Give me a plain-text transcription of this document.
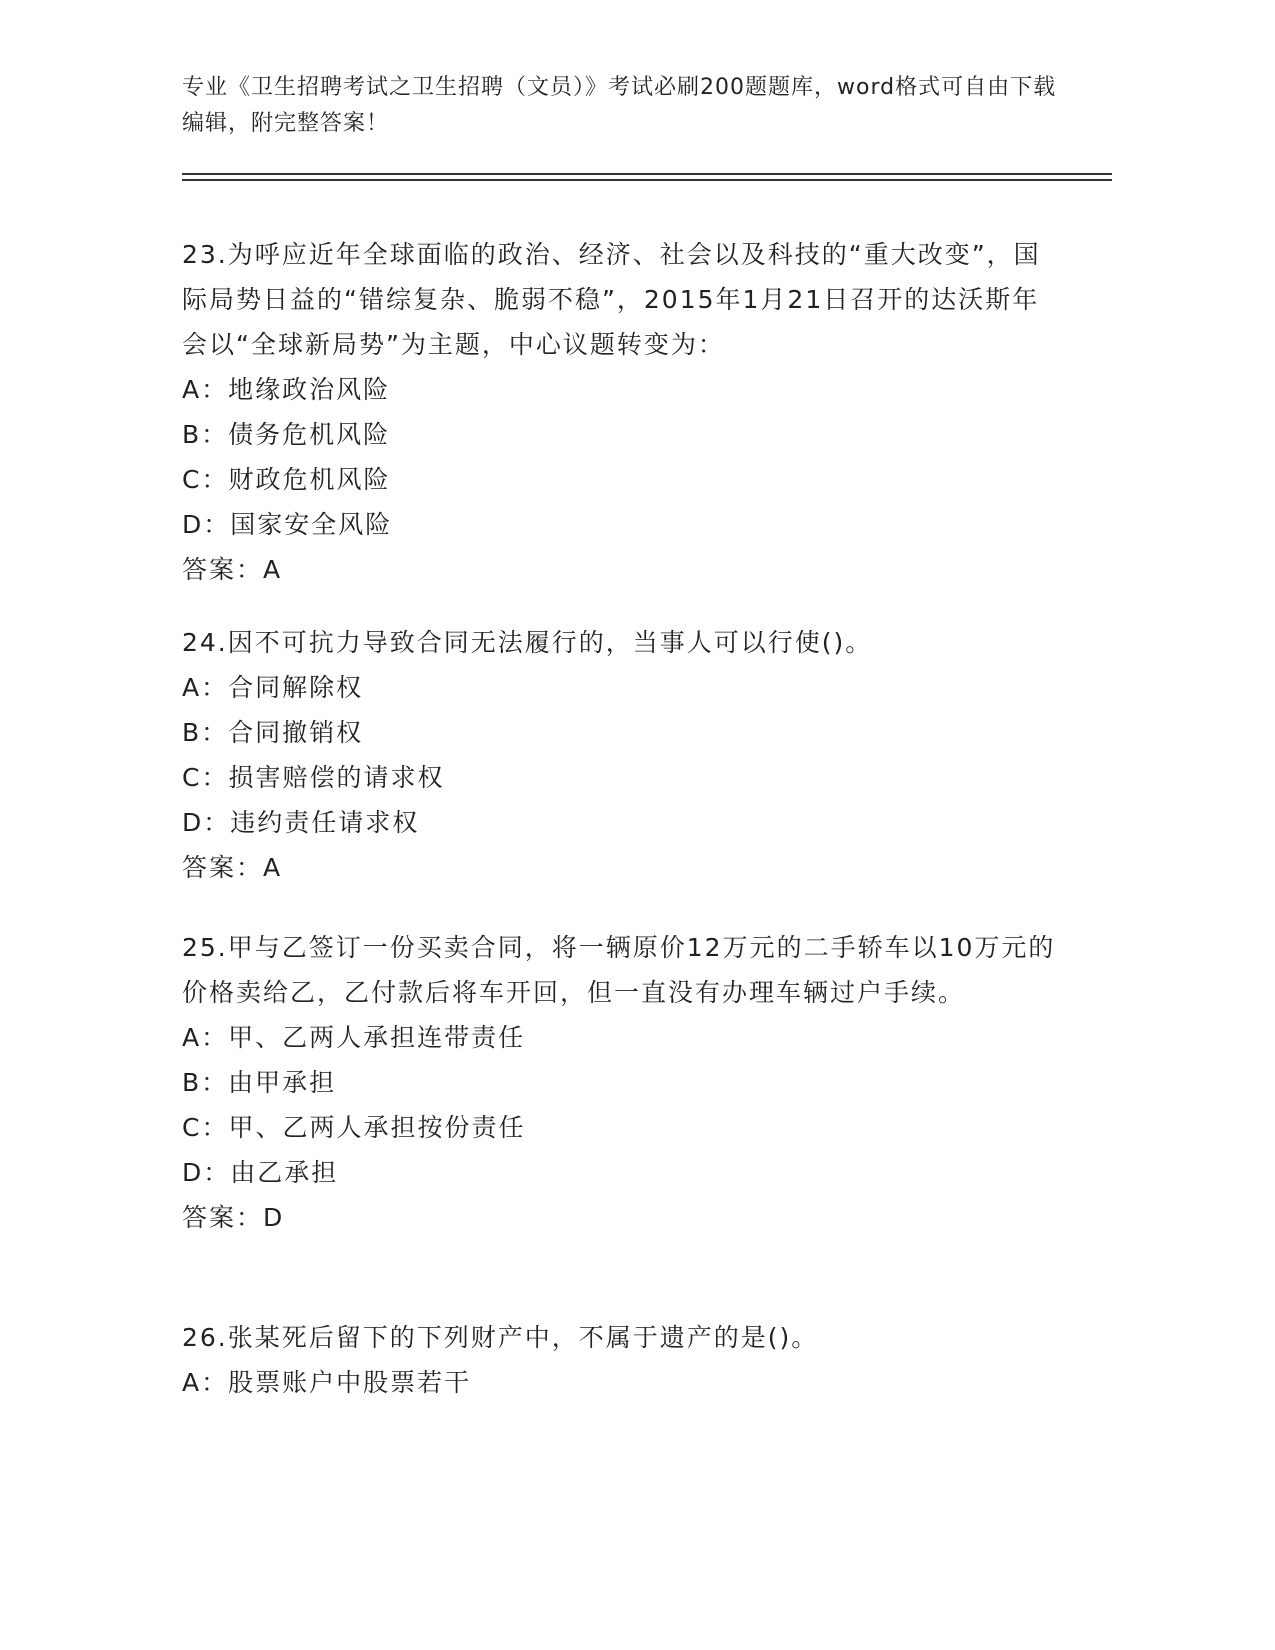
专业《卫生招聘考试之卫生招聘（文员）》考试必刷200题题库，word格式可自由下载编辑，附完整答案！
23.为呼应近年全球面临的政治、经济、社会以及科技的“重大改变”，国际局势日益的“错综复杂、脆弱不稳”，2015年1月21日召开的达沃斯年会以“全球新局势”为主题，中心议题转变为：
A：地缘政治风险
B：债务危机风险
C：财政危机风险
D：国家安全风险
答案：A
24.因不可抗力导致合同无法履行的，当事人可以行使()。
A：合同解除权
B：合同撤销权
C：损害赔偿的请求权
D：违约责任请求权
答案：A
25.甲与乙签订一份买卖合同，将一辆原价12万元的二手轿车以10万元的价格卖给乙，乙付款后将车开回，但一直没有办理车辆过户手续。
A：甲、乙两人承担连带责任
B：由甲承担
C：甲、乙两人承担按份责任
D：由乙承担
答案：D
26.张某死后留下的下列财产中，不属于遗产的是()。
A：股票账户中股票若干
